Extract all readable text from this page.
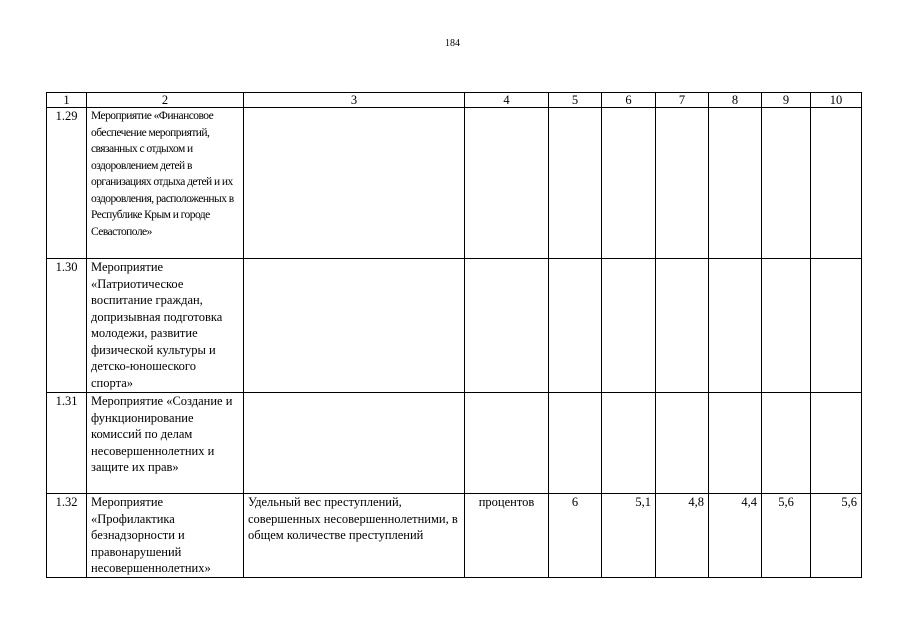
184
1	2	3	4	5	6	7	8	9	10
1.29	Мероприятие «Финансовое обеспечение мероприятий, связанных с отдыхом и оздоровлением детей в организациях отдыха детей и их оздоровления, расположенных в Республике Крым и городе Севастополе»								
1.30	Мероприятие «Патриотическое воспитание граждан, допризывная подготовка молодежи, развитие физической культуры и детско-юношеского спорта»								
1.31	Мероприятие «Создание и функционирование комиссий по делам несовершеннолетних и защите их прав»								
1.32	Мероприятие «Профилактика безнадзорности и правонарушений несовершеннолетних»	Удельный вес преступлений, совершенных несовершеннолетними, в общем количестве преступлений	процентов	6	5,1	4,8	4,4	5,6	5,6
